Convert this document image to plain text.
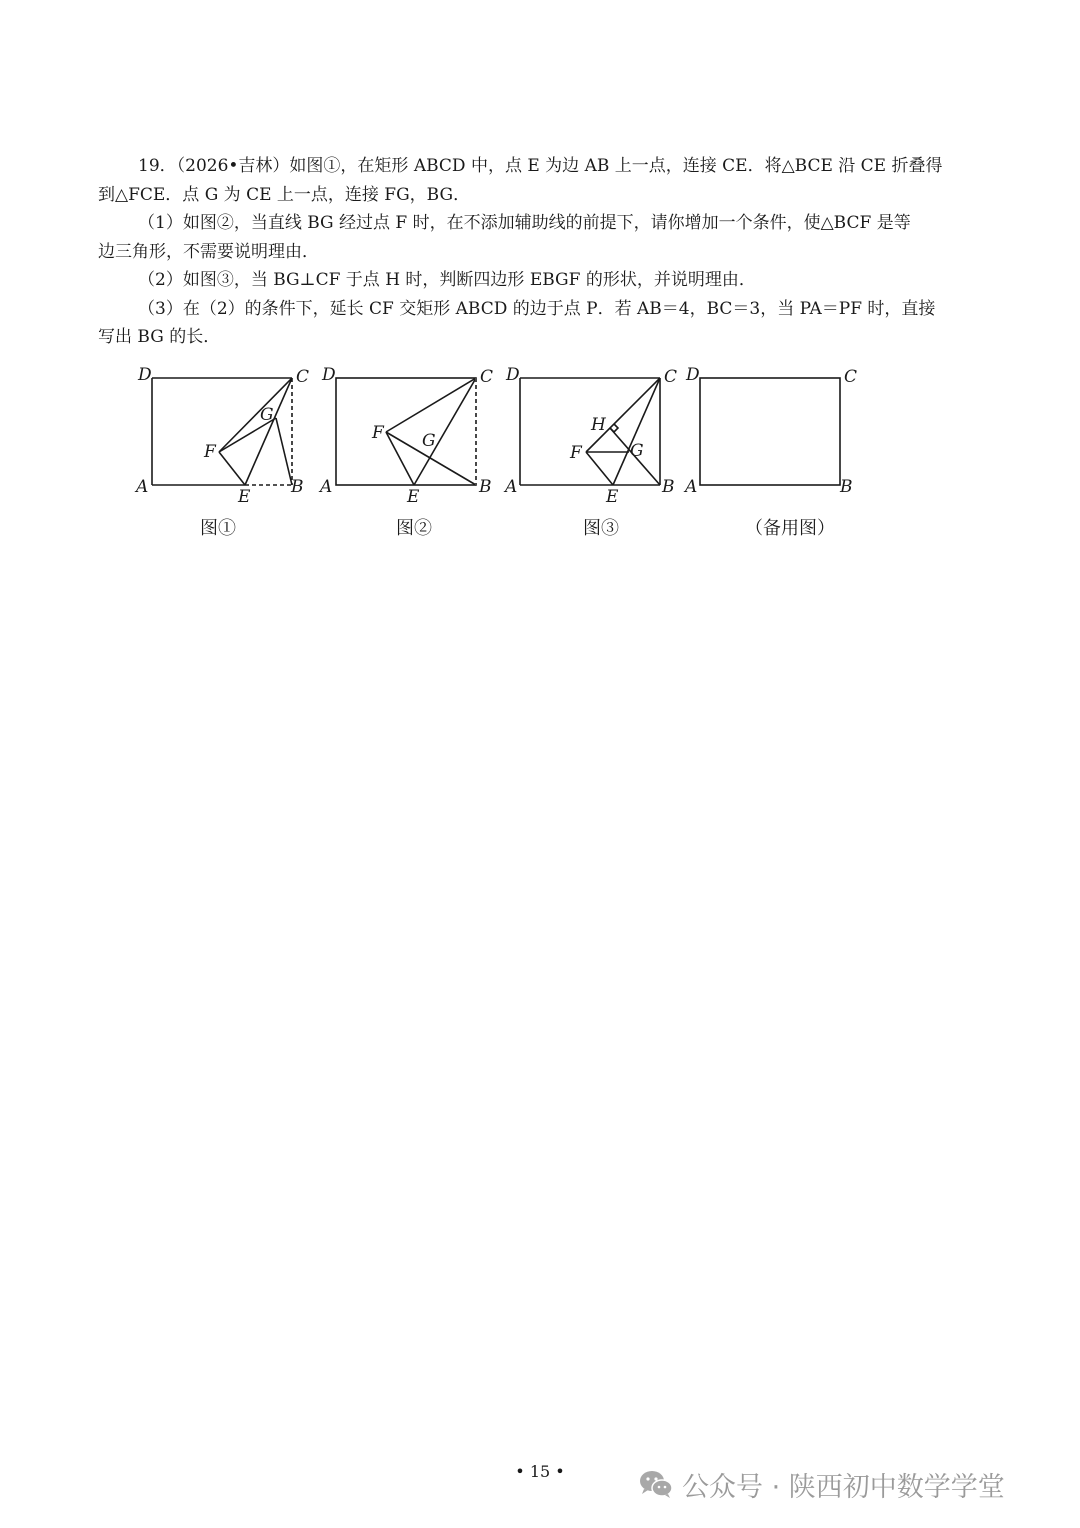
19．（2026•吉林）如图①，在矩形 ABCD 中，点 E 为边 AB 上一点，连接 CE．将△BCE 沿 CE 折叠得
到△FCE．点 G 为 CE 上一点，连接 FG，BG．
（1）如图②，当直线 BG 经过点 F 时，在不添加辅助线的前提下，请你增加一个条件，使△BCF 是等
边三角形，不需要说明理由．
（2）如图③，当 BG⊥CF 于点 H 时，判断四边形 EBGF 的形状，并说明理由．
（3）在（2）的条件下，延长 CF 交矩形 ABCD 的边于点 P．若 AB＝4，BC＝3，当 PA＝PF 时，直接
写出 BG 的长．
D	C
A	B
E
F
G
图①
D	C
A	B
E
F G
图②
D	C
A	B
E
F	G
H
图③
D	C
A	B
（备用图）
• 15 •	公众号 · 陕西初中数学学堂
